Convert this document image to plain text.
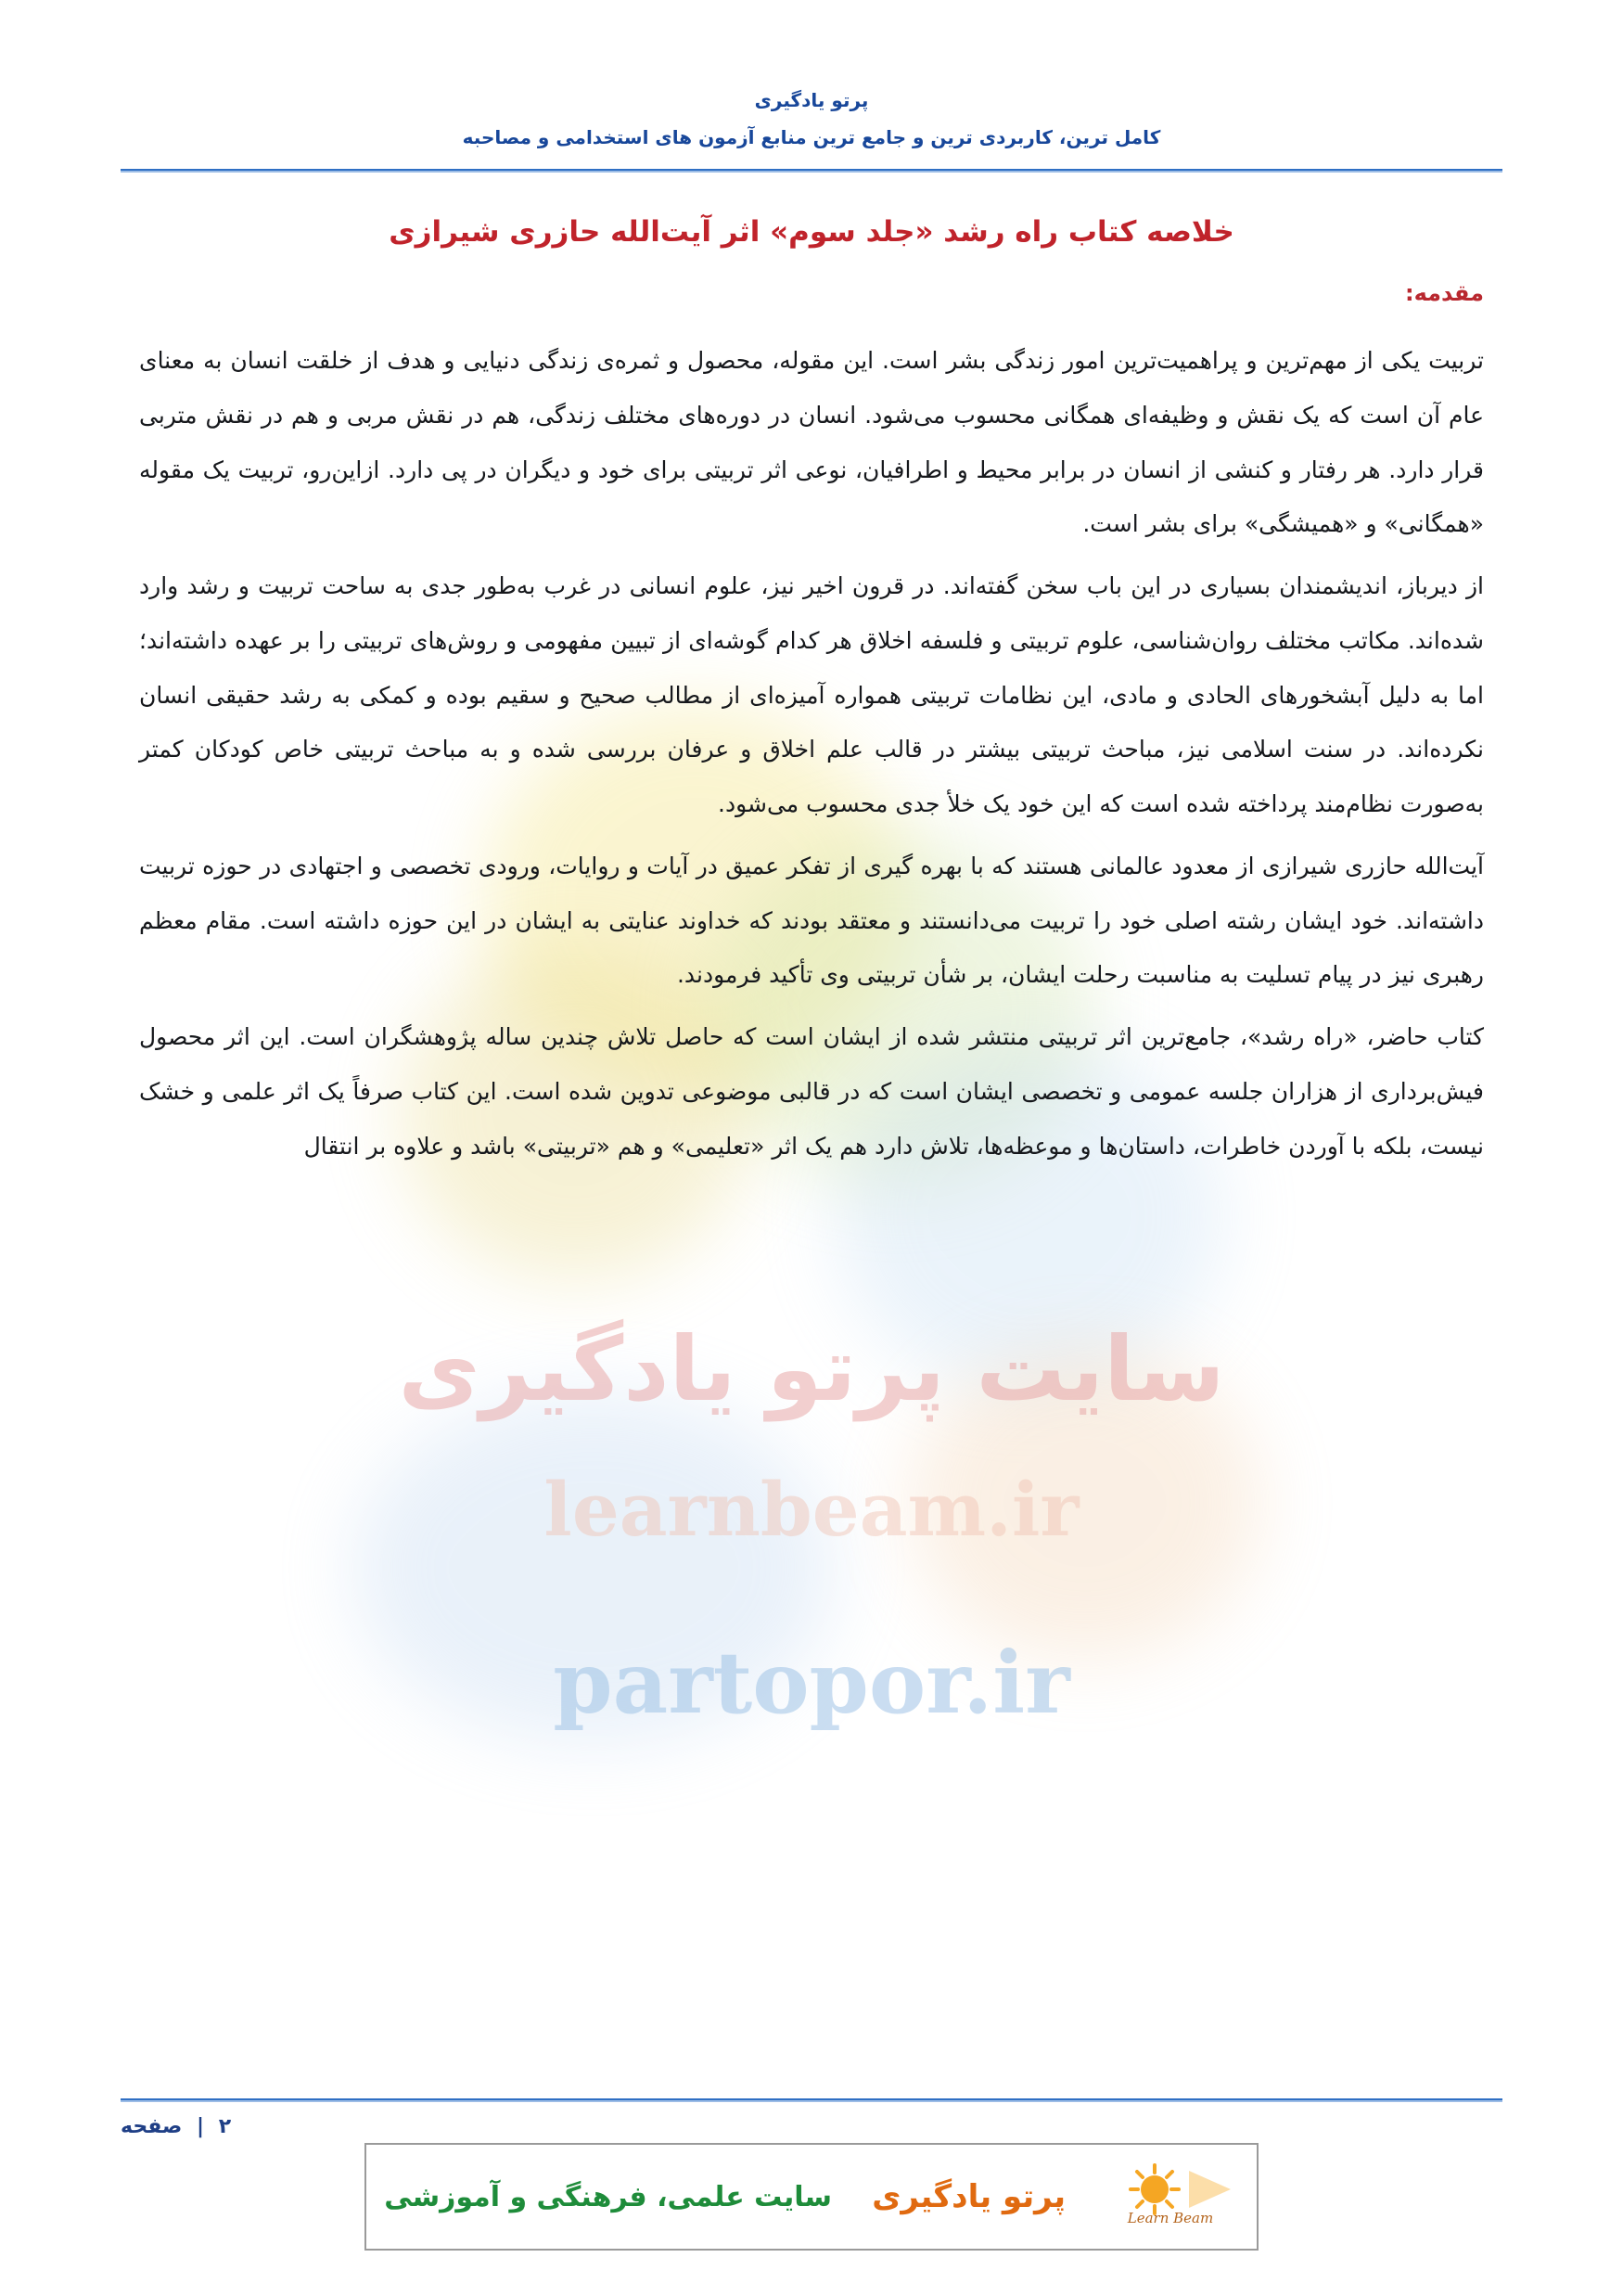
سایت پرتو یادگیری
learnbeam.ir
partopor.ir
پرتو یادگیری
کامل ترین، کاربردی ترین و جامع ترین منابع آزمون های استخدامی و مصاحبه
خلاصه کتاب راه رشد «جلد سوم» اثر آیت‌الله حازری شیرازی
مقدمه:

تربیت یکی از مهم‌ترین و پراهمیت‌ترین امور زندگی بشر است. این مقوله، محصول و ثمره‌ی زندگی دنیایی و هدف از خلقت انسان به معنای عام آن است که یک نقش و وظیفه‌ای همگانی محسوب می‌شود. انسان در دوره‌های مختلف زندگی، هم در نقش مربی و هم در نقش متربی قرار دارد. هر رفتار و کنشی از انسان در برابر محیط و اطرافیان، نوعی اثر تربیتی برای خود و دیگران در پی دارد. ازاین‌رو، تربیت یک مقوله «همگانی» و «همیشگی» برای بشر است.

از دیرباز، اندیشمندان بسیاری در این باب سخن گفته‌اند. در قرون اخیر نیز، علوم انسانی در غرب به‌طور جدی به ساحت تربیت و رشد وارد شده‌اند. مکاتب مختلف روان‌شناسی، علوم تربیتی و فلسفه اخلاق هر کدام گوشه‌ای از تبیین مفهومی و روش‌های تربیتی را بر عهده داشته‌اند؛ اما به دلیل آبشخورهای الحادی و مادی، این نظامات تربیتی همواره آمیزه‌ای از مطالب صحیح و سقیم بوده و کمکی به رشد حقیقی انسان نکرده‌اند. در سنت اسلامی نیز، مباحث تربیتی بیشتر در قالب علم اخلاق و عرفان بررسی شده و به مباحث تربیتی خاص کودکان کمتر به‌صورت نظام‌مند پرداخته شده است که این خود یک خلأ جدی محسوب می‌شود.

آیت‌الله حازری شیرازی از معدود عالمانی هستند که با بهره گیری از تفکر عمیق در آیات و روایات، ورودی تخصصی و اجتهادی در حوزه تربیت داشته‌اند. خود ایشان رشته اصلی خود را تربیت می‌دانستند و معتقد بودند که خداوند عنایتی به ایشان در این حوزه داشته است. مقام معظم رهبری نیز در پیام تسلیت به مناسبت رحلت ایشان، بر شأن تربیتی وی تأکید فرمودند.

کتاب حاضر، «راه رشد»، جامع‌ترین اثر تربیتی منتشر شده از ایشان است که حاصل تلاش چندین ساله پژوهشگران است. این اثر محصول فیش‌برداری از هزاران جلسه عمومی و تخصصی ایشان است که در قالبی موضوعی تدوین شده است. این کتاب صرفاً یک اثر علمی و خشک نیست، بلکه با آوردن خاطرات، داستان‌ها و موعظه‌ها، تلاش دارد هم یک اثر «تعلیمی» و هم «تربیتی» باشد و علاوه بر انتقال

۲ | صفحه
سایت علمی، فرهنگی و آموزشی	پرتو یادگیری
Learn Beam
